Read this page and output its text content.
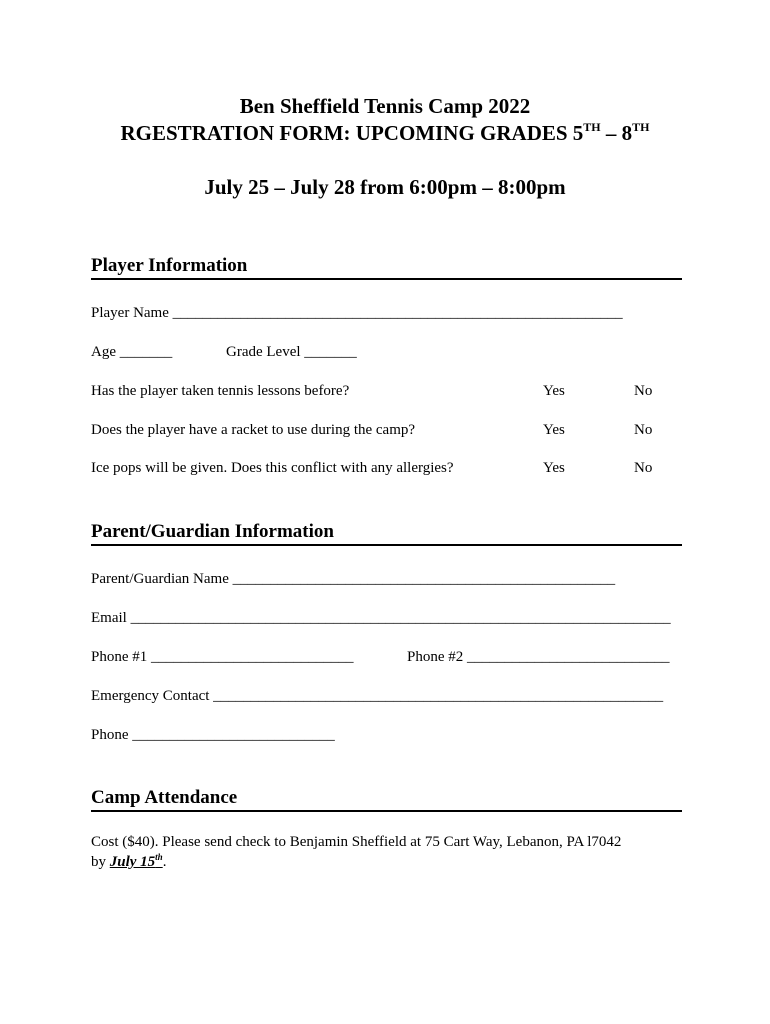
Ben Sheffield Tennis Camp 2022
RGESTRATION FORM: UPCOMING GRADES 5TH – 8TH
July 25 – July 28 from 6:00pm – 8:00pm
Player Information
Player Name ____________________________________________________________
Age _______	Grade Level _______
Has the player taken tennis lessons before?	Yes	No
Does the player have a racket to use during the camp?	Yes	No
Ice pops will be given. Does this conflict with any allergies?	Yes	No
Parent/Guardian Information
Parent/Guardian Name ___________________________________________________
Email ________________________________________________________________________
Phone #1 ___________________________	Phone #2 ___________________________
Emergency Contact ____________________________________________________________
Phone ___________________________
Camp Attendance
Cost ($40). Please send check to Benjamin Sheffield at 75 Cart Way, Lebanon, PA l7042
by July 15th.
